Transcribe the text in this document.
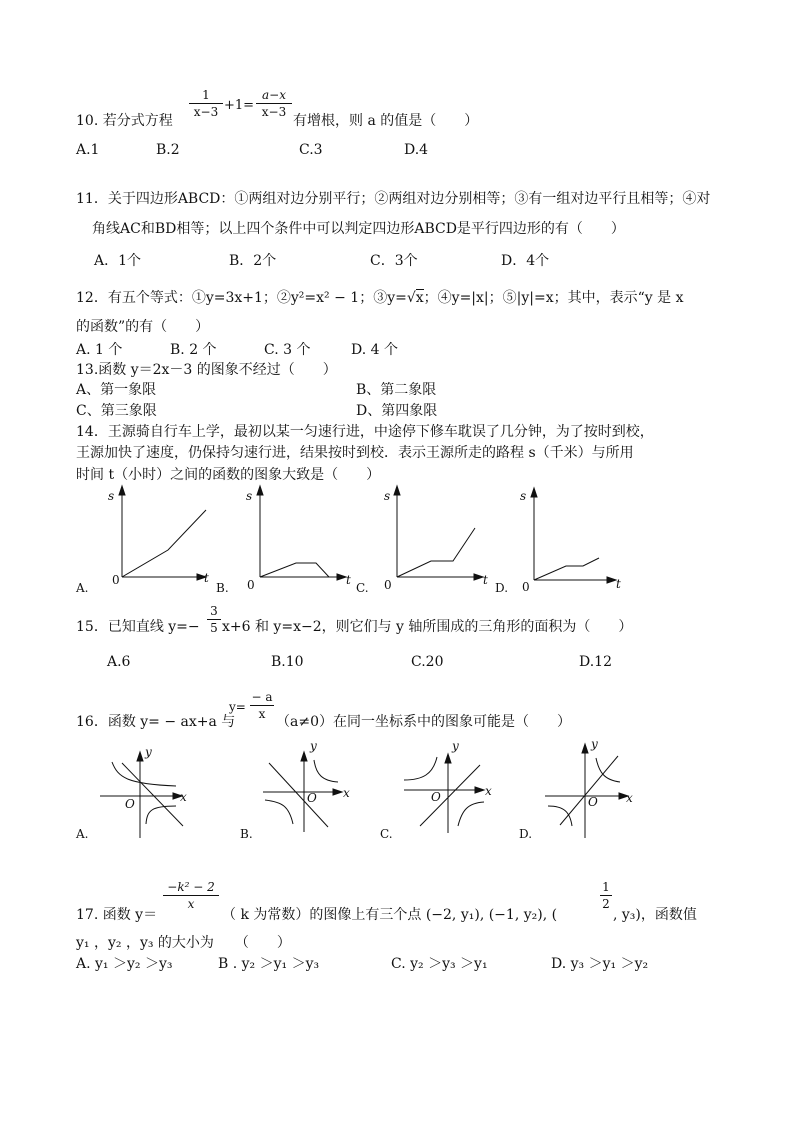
10. 若分式方程
1
x−3 +1=
a−x
x−3
有增根，则 a 的值是（　　）
A.1	B.2	C.3	D.4
11．关于四边形ABCD：①两组对边分别平行；②两组对边分别相等；③有一组对边平行且相等；④对
角线AC和BD相等；以上四个条件中可以判定四边形ABCD是平行四边形的有（　　）
A．1个	B．2个	C．3个	D．4个
12．有五个等式：①y=3x+1；②y²=x² − 1；③y=√x；④y=|x|；⑤|y|=x；其中，表示“y 是 x
的函数”的有（　　）
A. 1 个	B. 2 个	C. 3 个	D. 4 个
13.函数 y＝2x－3 的图象不经过（　　）
A、第一象限	B、第二象限
C、第三象限	D、第四象限
14．王源骑自行车上学，最初以某一匀速行进，中途停下修车耽误了几分钟，为了按时到校，
王源加快了速度，仍保持匀速行进，结果按时到校．表示王源所走的路程 s（千米）与所用
时间 t（小时）之间的函数的图象大致是（　　）
A.
s
t
0
B.
s
t
0	C.
s
t
0	D.
s
t
0
15．已知直线 y=−
3
5 x+6 和 y=x−2，则它们与 y 轴所围成的三角形的面积为（　　）
A.6	B.10	C.20	D.12
16．函数 y= − ax+a 与
y=
− a
x （a≠0）在同一坐标系中的图象可能是（　　）
A.
y
x
O
B.
y
x
O
C.
y
x
O
D.
y
x
O
17. 函数 y＝
−k² − 2
x
（ k 为常数）的图像上有三个点 (−2, y₁), (−1, y₂), (
1
2
, y₃)，函数值
y₁ ，y₂ ，y₃ 的大小为　　（　　）
A. y₁ ＞y₂ ＞y₃	B . y₂ ＞y₁ ＞y₃	C. y₂ ＞y₃ ＞y₁	D. y₃ ＞y₁ ＞y₂
